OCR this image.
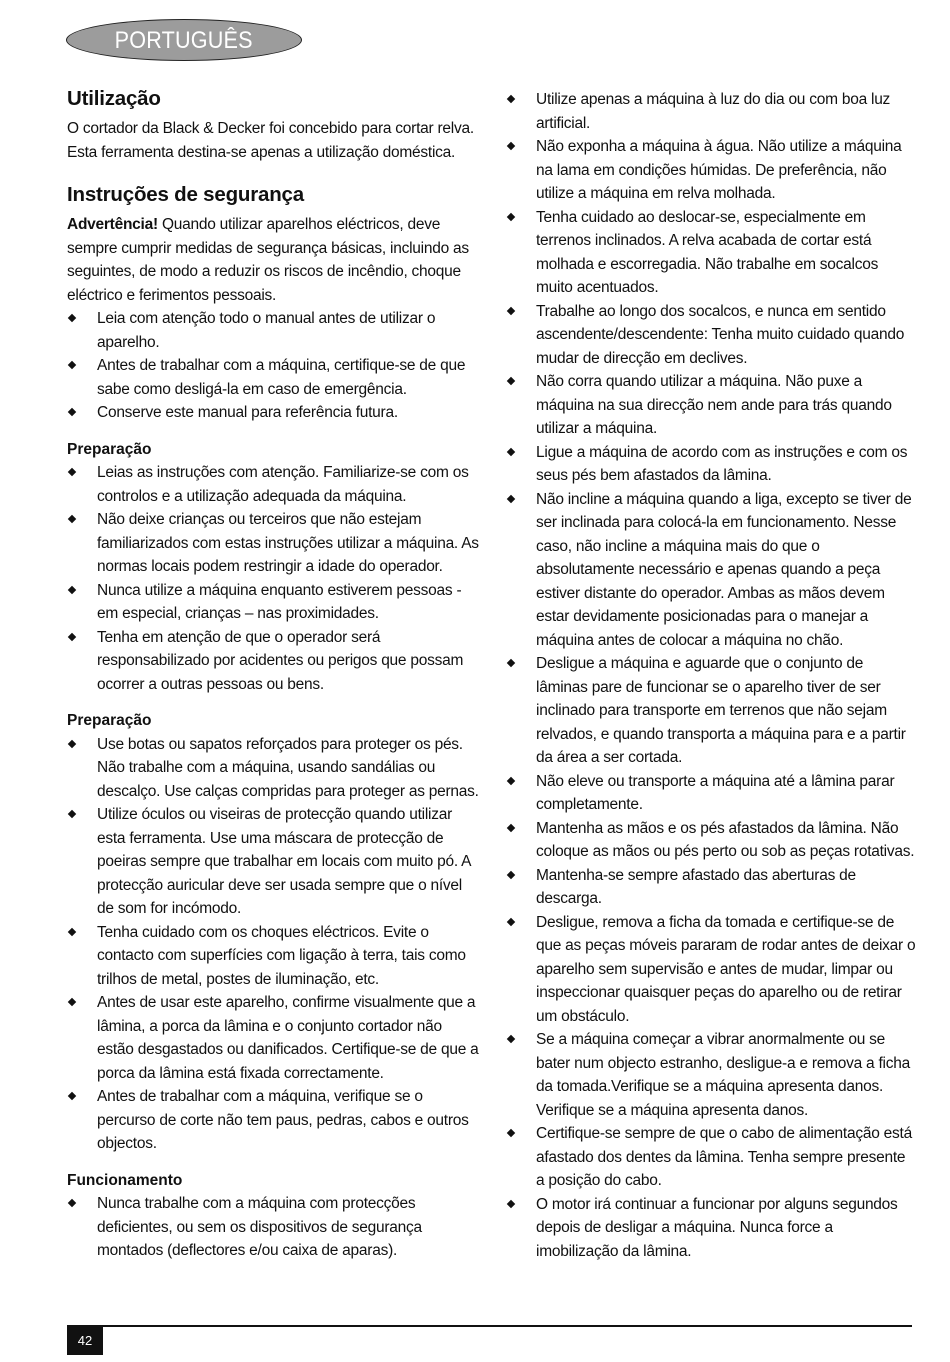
PORTUGUÊS
Utilização

O cortador da Black & Decker foi concebido para cortar relva. Esta ferramenta destina-se apenas a utilização doméstica.

Instruções de segurança

Advertência! Quando utilizar aparelhos eléctricos, deve sempre cumprir medidas de segurança básicas, incluindo as seguintes, de modo a reduzir os riscos de incêndio, choque eléctrico e ferimentos pessoais.

Leia com atenção todo o manual antes de utilizar o aparelho.
Antes de trabalhar com a máquina, certifique-se de que sabe como desligá-la em caso de emergência.
Conserve este manual para referência futura.
Preparação
Leias as instruções com atenção. Familiarize-se com os controlos e a utilização adequada da máquina.
Não deixe crianças ou terceiros que não estejam familiarizados com estas instruções utilizar a máquina. As normas locais podem restringir a idade do operador.
Nunca utilize a máquina enquanto estiverem pessoas - em especial, crianças – nas proximidades.
Tenha em atenção de que o operador será responsabilizado por acidentes ou perigos que possam ocorrer a outras pessoas ou bens.
Preparação
Use botas ou sapatos reforçados para proteger os pés. Não trabalhe com a máquina, usando sandálias ou descalço. Use calças compridas para proteger as pernas.
Utilize óculos ou viseiras de protecção quando utilizar esta ferramenta. Use uma máscara de protecção de poeiras sempre que trabalhar em locais com muito pó. A protecção auricular deve ser usada sempre que o nível de som for incómodo.
Tenha cuidado com os choques eléctricos. Evite o contacto com superfícies com ligação à terra, tais como trilhos de metal, postes de iluminação, etc.
Antes de usar este aparelho, confirme visualmente que a lâmina, a porca da lâmina e o conjunto cortador não estão desgastados ou danificados. Certifique-se de que a porca da lâmina está fixada correctamente.
Antes de trabalhar com a máquina, verifique se o percurso de corte não tem paus, pedras, cabos e outros objectos.
Funcionamento
Nunca trabalhe com a máquina com protecções deficientes, ou sem os dispositivos de segurança montados (deflectores e/ou caixa de aparas).
Utilize apenas a máquina à luz do dia ou com boa luz artificial.
Não exponha a máquina à água. Não utilize a máquina na lama em condições húmidas. De preferência, não utilize a máquina em relva molhada.
Tenha cuidado ao deslocar-se, especialmente em terrenos inclinados. A relva acabada de cortar está molhada e escorregadia. Não trabalhe em socalcos muito acentuados.
Trabalhe ao longo dos socalcos, e nunca em sentido ascendente/descendente: Tenha muito cuidado quando mudar de direcção em declives.
Não corra quando utilizar a máquina. Não puxe a máquina na sua direcção nem ande para trás quando utilizar a máquina.
Ligue a máquina de acordo com as instruções e com os seus pés bem afastados da lâmina.
Não incline a máquina quando a liga, excepto se tiver de ser inclinada para colocá-la em funcionamento. Nesse caso, não incline a máquina mais do que o absolutamente necessário e apenas quando a peça estiver distante do operador. Ambas as mãos devem estar devidamente posicionadas para o manejar a máquina antes de colocar a máquina no chão.
Desligue a máquina e aguarde que o conjunto de lâminas pare de funcionar se o aparelho tiver de ser inclinado para transporte em terrenos que não sejam relvados, e quando transporta a máquina para e a partir da área a ser cortada.
Não eleve ou transporte a máquina até a lâmina parar completamente.
Mantenha as mãos e os pés afastados da lâmina. Não coloque as mãos ou pés perto ou sob as peças rotativas.
Mantenha-se sempre afastado das aberturas de descarga.
Desligue, remova a ficha da tomada e certifique-se de que as peças móveis pararam de rodar antes de deixar o aparelho sem supervisão e antes de mudar, limpar ou inspeccionar quaisquer peças do aparelho ou de retirar um obstáculo.
Se a máquina começar a vibrar anormalmente ou se bater num objecto estranho, desligue-a e remova a ficha da tomada.Verifique se a máquina apresenta danos. Verifique se a máquina apresenta danos.
Certifique-se sempre de que o cabo de alimentação está afastado dos dentes da lâmina. Tenha sempre presente a posição do cabo.
O motor irá continuar a funcionar por alguns segundos depois de desligar a máquina. Nunca force a imobilização da lâmina.
42
